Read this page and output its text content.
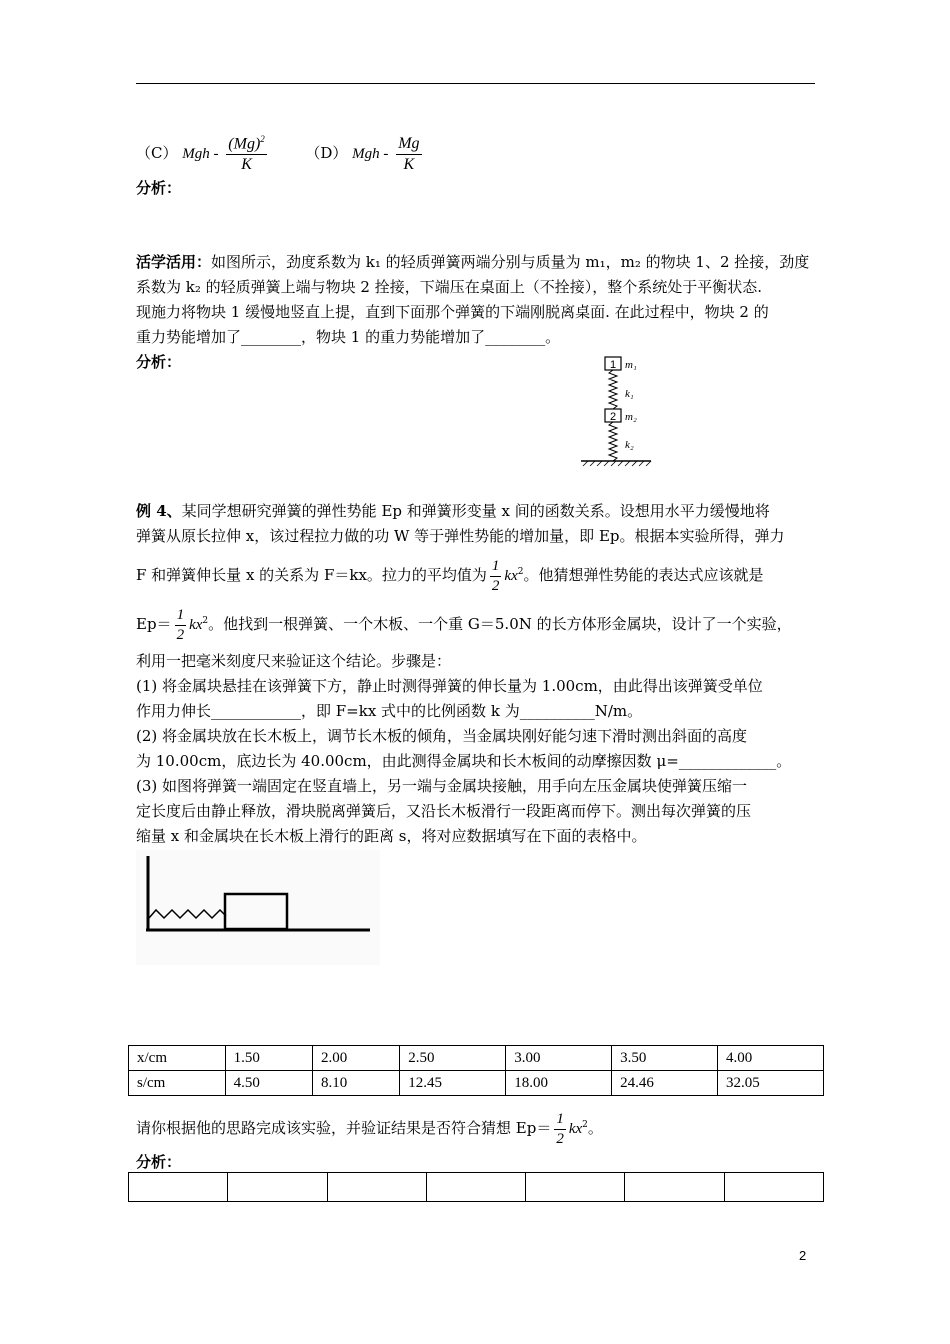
（C） Mgh - $\frac{(Mg)^2}{K}$	（D） Mgh - $\frac{Mg}{K}$
分析：
活学活用：如图所示，劲度系数为 k₁ 的轻质弹簧两端分别与质量为 m₁，m₂ 的物块 1、2 拴接，劲度
系数为 k₂ 的轻质弹簧上端与物块 2 拴接，下端压在桌面上（不拴接），整个系统处于平衡状态.
现施力将物块 1 缓慢地竖直上提，直到下面那个弹簧的下端刚脱离桌面. 在此过程中，物块 2 的
重力势能增加了________，物块 1 的重力势能增加了________。
分析：	1 m₁
k₁
2 m₂
k₂
例 4、某同学想研究弹簧的弹性势能 Ep 和弹簧形变量 x 间的函数关系。设想用水平力缓慢地将
弹簧从原长拉伸 x，该过程拉力做的功 W 等于弹性势能的增加量，即 Ep。根据本实验所得，弹力
F 和弹簧伸长量 x 的关系为 F＝kx。拉力的平均值为 $\frac{1}{2} kx^2$。他猜想弹性势能的表达式应该就是
$Ep= \frac{1}{2} kx^2$。他找到一根弹簧、一个木板、一个重 G＝5.0N 的长方体形金属块，设计了一个实验，
利用一把毫米刻度尺来验证这个结论。步骤是：
(1) 将金属块悬挂在该弹簧下方，静止时测得弹簧的伸长量为 1.00cm，由此得出该弹簧受单位
作用力伸长____________，即 F=kx 式中的比例函数 k 为__________N/m。
(2) 将金属块放在长木板上，调节长木板的倾角，当金属块刚好能匀速下滑时测出斜面的高度
为 10.00cm，底边长为 40.00cm，由此测得金属块和长木板间的动摩擦因数 μ=_____________。
(3) 如图将弹簧一端固定在竖直墙上，另一端与金属块接触，用手向左压金属块使弹簧压缩一
定长度后由静止释放，滑块脱离弹簧后，又沿长木板滑行一段距离而停下。测出每次弹簧的压
缩量 x 和金属块在长木板上滑行的距离 s，将对应数据填写在下面的表格中。
x/cm	1.50	2.00	2.50	3.00	3.50	4.00
s/cm	4.50	8.10	12.45	18.00	24.46	32.05
请你根据他的思路完成该实验，并验证结果是否符合猜想 $Ep= \frac{1}{2} kx^2$。
分析：

2
